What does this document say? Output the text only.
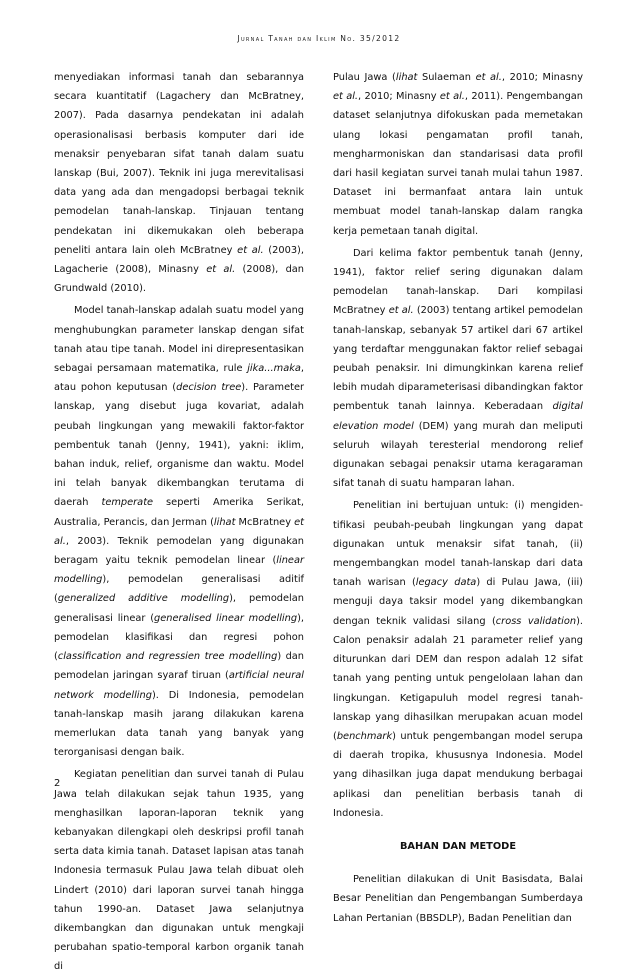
Jurnal Tanah dan Iklim No. 35/2012

menyediakan informasi tanah dan sebarannya secara kuantitatif (Lagachery dan McBratney, 2007). Pada dasarnya pendekatan ini adalah operasionalisasi berbasis komputer dari ide menaksir penyebaran sifat tanah dalam suatu lanskap (Bui, 2007). Teknik ini juga merevitalisasi data yang ada dan mengadopsi berbagai teknik pemodelan tanah-lanskap. Tinjauan tentang pendekatan ini dikemukakan oleh beberapa peneliti antara lain oleh McBratney et al. (2003), Lagacherie (2008), Minasny et al. (2008), dan Grundwald (2010).

Model tanah-lanskap adalah suatu model yang menghubungkan parameter lanskap dengan sifat tanah atau tipe tanah. Model ini direpresentasikan sebagai persamaan matematika, rule jika...maka, atau pohon keputusan (decision tree). Parameter lanskap, yang disebut juga kovariat, adalah peubah lingkungan yang mewakili faktor-faktor pembentuk tanah (Jenny, 1941), yakni: iklim, bahan induk, relief, organisme dan waktu. Model ini telah banyak dikembangkan terutama di daerah temperate seperti Amerika Serikat, Australia, Perancis, dan Jerman (lihat McBratney et al., 2003). Teknik pemodelan yang digunakan beragam yaitu teknik pemodelan linear (linear modelling), pemodelan generalisasi aditif (generalized additive modelling), pemodelan generalisasi linear (generalised linear modelling), pemodelan klasifikasi dan regresi pohon (classification and regressien tree modelling) dan pemodelan jaringan syaraf tiruan (artificial neural network modelling). Di Indonesia, pemodelan tanah-lanskap masih jarang dilakukan karena memerlukan data tanah yang banyak yang terorganisasi dengan baik.

Kegiatan penelitian dan survei tanah di Pulau Jawa telah dilakukan sejak tahun 1935, yang menghasilkan laporan-laporan teknik yang kebanyakan dilengkapi oleh deskripsi profil tanah serta data kimia tanah. Dataset lapisan atas tanah Indonesia termasuk Pulau Jawa telah dibuat oleh Lindert (2010) dari laporan survei tanah hingga tahun 1990-an. Dataset Jawa selanjutnya dikembangkan dan digunakan untuk mengkaji perubahan spatio-temporal karbon organik tanah di

Pulau Jawa (lihat Sulaeman et al., 2010; Minasny et al., 2010; Minasny et al., 2011). Pengembangan dataset selanjutnya difokuskan pada memetakan ulang lokasi pengamatan profil tanah, mengharmoniskan dan standarisasi data profil dari hasil kegiatan survei tanah mulai tahun 1987. Dataset ini bermanfaat antara lain untuk membuat model tanah-lanskap dalam rangka kerja pemetaan tanah digital.

Dari kelima faktor pembentuk tanah (Jenny, 1941), faktor relief sering digunakan dalam pemodelan tanah-lanskap. Dari kompilasi McBratney et al. (2003) tentang artikel pemodelan tanah-lanskap, sebanyak 57 artikel dari 67 artikel yang terdaftar menggunakan faktor relief sebagai peubah penaksir. Ini dimungkinkan karena relief lebih mudah diparameterisasi dibandingkan faktor pembentuk tanah lainnya. Keberadaan digital elevation model (DEM) yang murah dan meliputi seluruh wilayah teresterial mendorong relief digunakan sebagai penaksir utama keragaraman sifat tanah di suatu hamparan lahan.

Penelitian ini bertujuan untuk: (i) mengiden-tifikasi peubah-peubah lingkungan yang dapat digunakan untuk menaksir sifat tanah, (ii) mengembangkan model tanah-lanskap dari data tanah warisan (legacy data) di Pulau Jawa, (iii) menguji daya taksir model yang dikembangkan dengan teknik validasi silang (cross validation). Calon penaksir adalah 21 parameter relief yang diturunkan dari DEM dan respon adalah 12 sifat tanah yang penting untuk pengelolaan lahan dan lingkungan. Ketigapuluh model regresi tanah-lanskap yang dihasilkan merupakan acuan model (benchmark) untuk pengembangan model serupa di daerah tropika, khususnya Indonesia. Model yang dihasilkan juga dapat mendukung berbagai aplikasi dan penelitian berbasis tanah di Indonesia.

BAHAN DAN METODE

Penelitian dilakukan di Unit Basisdata, Balai Besar Penelitian dan Pengembangan Sumberdaya Lahan Pertanian (BBSDLP), Badan Penelitian dan

2
